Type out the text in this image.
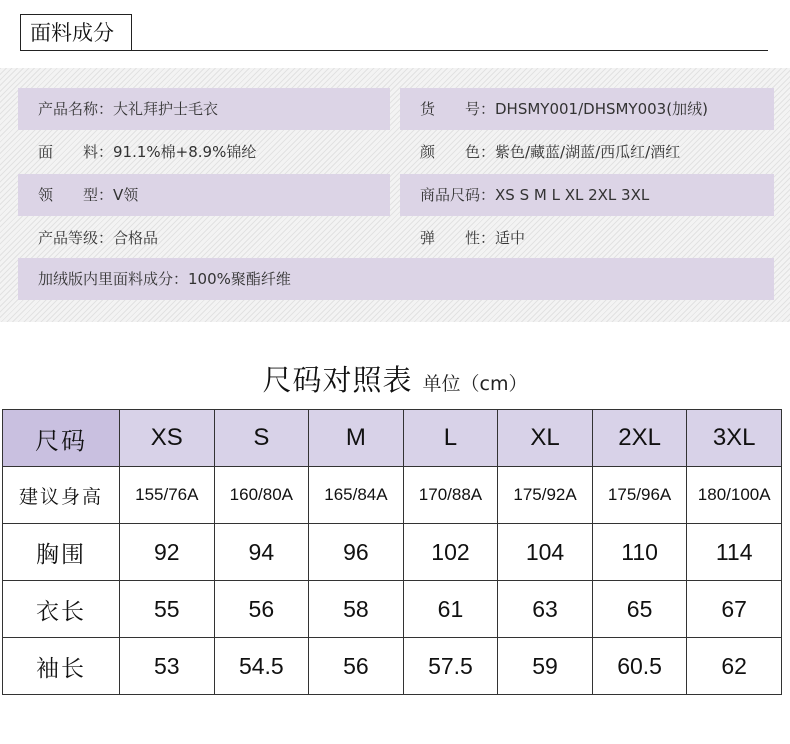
面料成分
产品名称：大礼拜护士毛衣	货　　号：DHSMY001/DHSMY003(加绒)
面　　料：91.1%棉+8.9%锦纶	颜　　色：紫色/藏蓝/湖蓝/西瓜红/酒红
领　　型：V领	商品尺码：XS S M L XL 2XL 3XL
产品等级：合格品	弹　　性：适中
加绒版内里面料成分：100%聚酯纤维
尺码对照表 单位（cm）
尺码	XS	S	M	L	XL	2XL	3XL
建议身高	155/76A	160/80A	165/84A	170/88A	175/92A	175/96A	180/100A
胸围	92	94	96	102	104	110	114
衣长	55	56	58	61	63	65	67
袖长	53	54.5	56	57.5	59	60.5	62
